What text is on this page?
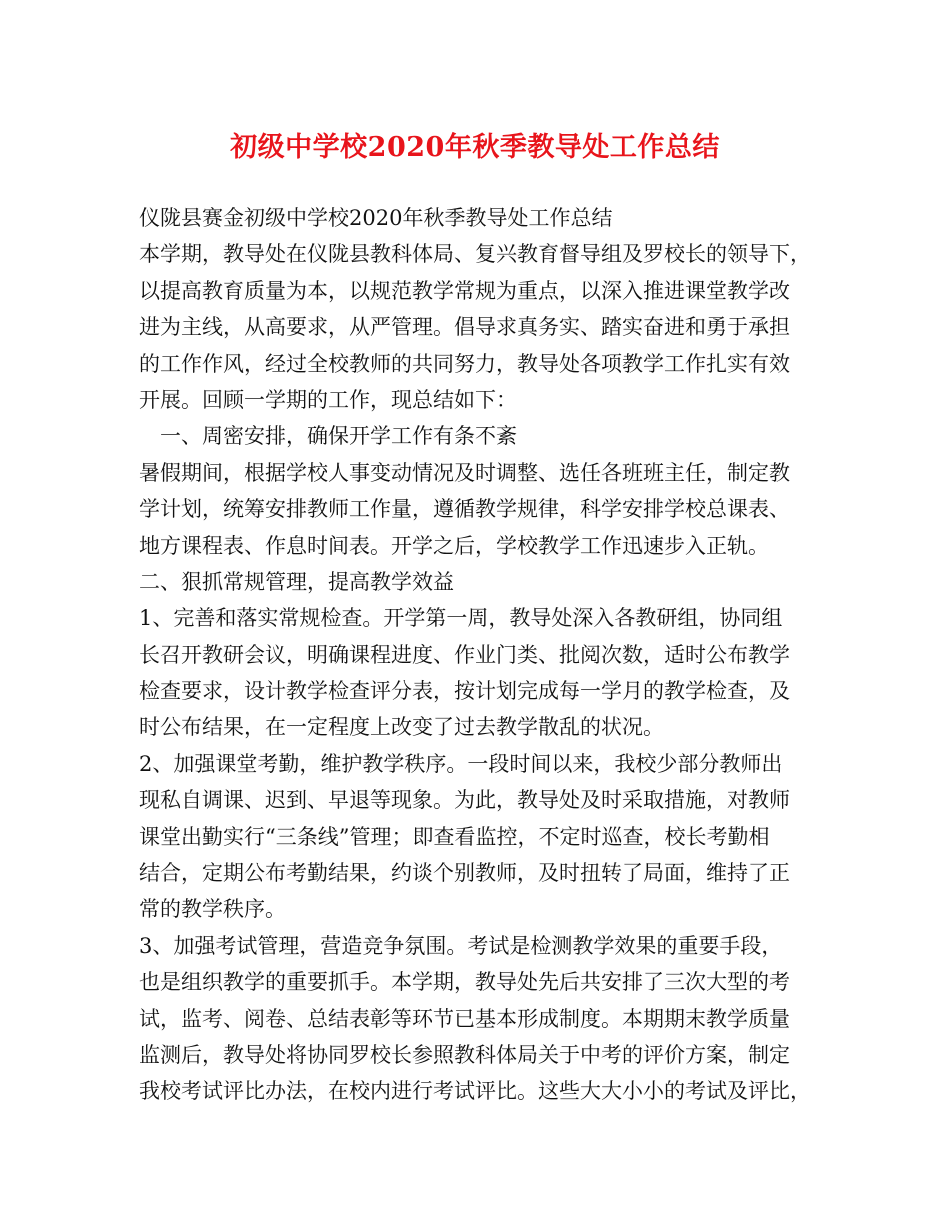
初级中学校2020年秋季教导处工作总结
仪陇县赛金初级中学校2020年秋季教导处工作总结
本学期，教导处在仪陇县教科体局、复兴教育督导组及罗校长的领导下，
以提高教育质量为本，以规范教学常规为重点，以深入推进课堂教学改
进为主线，从高要求，从严管理。倡导求真务实、踏实奋进和勇于承担
的工作作风，经过全校教师的共同努力，教导处各项教学工作扎实有效
开展。回顾一学期的工作，现总结如下：
一、周密安排，确保开学工作有条不紊
暑假期间，根据学校人事变动情况及时调整、选任各班班主任，制定教
学计划，统筹安排教师工作量，遵循教学规律，科学安排学校总课表、
地方课程表、作息时间表。开学之后，学校教学工作迅速步入正轨。
二、狠抓常规管理，提高教学效益
1、完善和落实常规检查。开学第一周，教导处深入各教研组，协同组
长召开教研会议，明确课程进度、作业门类、批阅次数，适时公布教学
检查要求，设计教学检查评分表，按计划完成每一学月的教学检查，及
时公布结果，在一定程度上改变了过去教学散乱的状况。
2、加强课堂考勤，维护教学秩序。一段时间以来，我校少部分教师出
现私自调课、迟到、早退等现象。为此，教导处及时采取措施，对教师
课堂出勤实行“三条线”管理；即查看监控，不定时巡查，校长考勤相
结合，定期公布考勤结果，约谈个别教师，及时扭转了局面，维持了正
常的教学秩序。
3、加强考试管理，营造竞争氛围。考试是检测教学效果的重要手段，
也是组织教学的重要抓手。本学期，教导处先后共安排了三次大型的考
试，监考、阅卷、总结表彰等环节已基本形成制度。本期期末教学质量
监测后，教导处将协同罗校长参照教科体局关于中考的评价方案，制定
我校考试评比办法，在校内进行考试评比。这些大大小小的考试及评比，
